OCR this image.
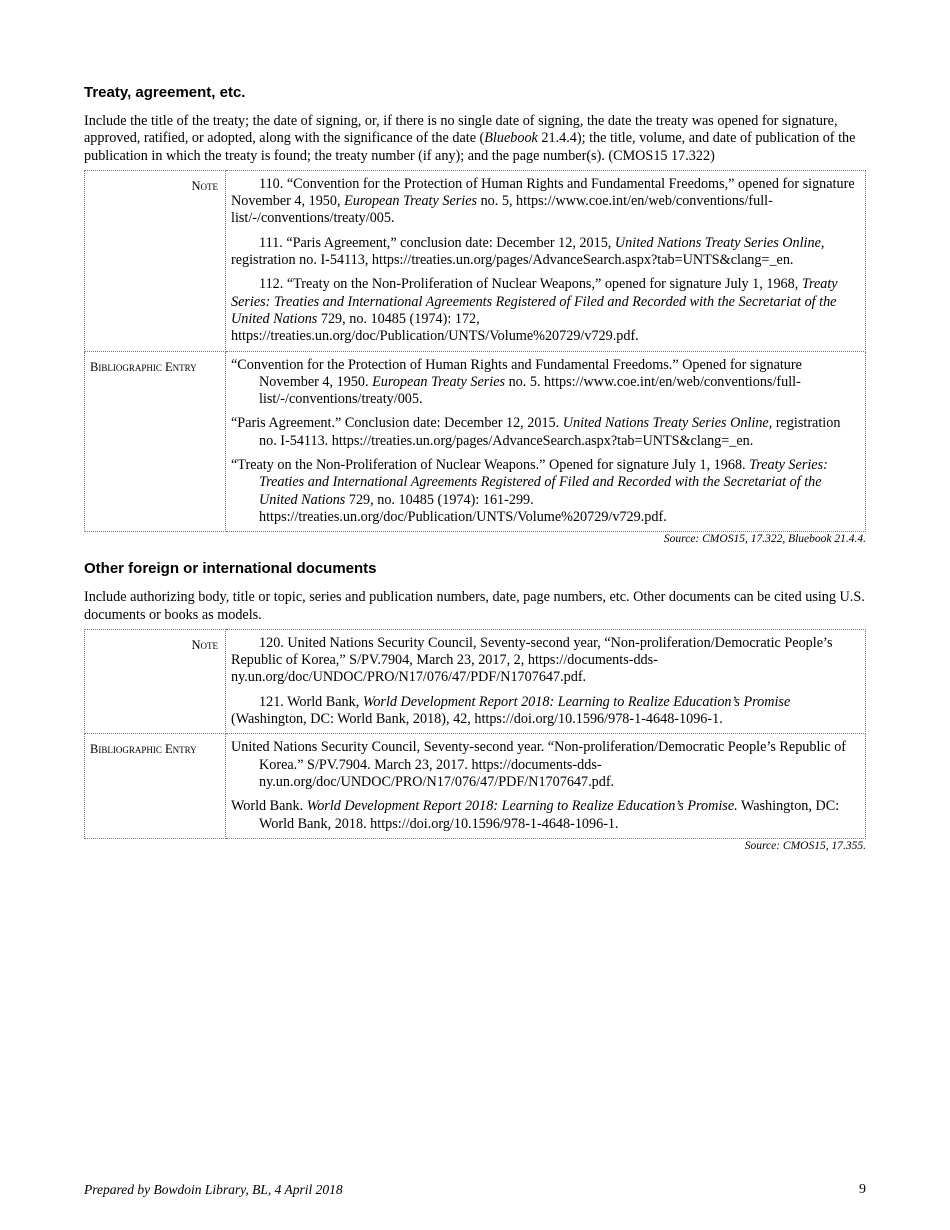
Treaty, agreement, etc.

Include the title of the treaty; the date of signing, or, if there is no single date of signing, the date the treaty was opened for signature, approved, ratified, or adopted, along with the significance of the date (Bluebook 21.4.4); the title, volume, and date of publication of the publication in which the treaty is found; the treaty number (if any); and the page number(s). (CMOS15 17.322)

Note	110. “Convention for the Protection of Human Rights and Fundamental Freedoms,” opened for signature November 4, 1950, European Treaty Series no. 5, https://www.coe.int/en/web/conventions/full-list/-/conventions/treaty/005.

111. “Paris Agreement,” conclusion date: December 12, 2015, United Nations Treaty Series Online, registration no. I-54113, https://treaties.un.org/pages/AdvanceSearch.aspx?tab=UNTS&clang=_en.

112. “Treaty on the Non-Proliferation of Nuclear Weapons,” opened for signature July 1, 1968, Treaty Series: Treaties and International Agreements Registered of Filed and Recorded with the Secretariat of the United Nations 729, no. 10485 (1974): 172, https://treaties.un.org/doc/Publication/UNTS/Volume%20729/v729.pdf.

Bibliographic Entry	“Convention for the Protection of Human Rights and Fundamental Freedoms.” Opened for signature November 4, 1950. European Treaty Series no. 5. https://www.coe.int/en/web/conventions/full-list/-/conventions/treaty/005.

“Paris Agreement.” Conclusion date: December 12, 2015. United Nations Treaty Series Online, registration no. I-54113. https://treaties.un.org/pages/AdvanceSearch.aspx?tab=UNTS&clang=_en.

“Treaty on the Non-Proliferation of Nuclear Weapons.” Opened for signature July 1, 1968. Treaty Series: Treaties and International Agreements Registered of Filed and Recorded with the Secretariat of the United Nations 729, no. 10485 (1974): 161-299. https://treaties.un.org/doc/Publication/UNTS/Volume%20729/v729.pdf.

Source: CMOS15, 17.322, Bluebook 21.4.4.

Other foreign or international documents

Include authorizing body, title or topic, series and publication numbers, date, page numbers, etc. Other documents can be cited using U.S. documents or books as models.

Note	120. United Nations Security Council, Seventy-second year, “Non-proliferation/Democratic People’s Republic of Korea,” S/PV.7904, March 23, 2017, 2, https://documents-dds-ny.un.org/doc/UNDOC/PRO/N17/076/47/PDF/N1707647.pdf.

121. World Bank, World Development Report 2018: Learning to Realize Education’s Promise (Washington, DC: World Bank, 2018), 42, https://doi.org/10.1596/978-1-4648-1096-1.

Bibliographic Entry	United Nations Security Council, Seventy-second year. “Non-proliferation/Democratic People’s Republic of Korea.” S/PV.7904. March 23, 2017. https://documents-dds-ny.un.org/doc/UNDOC/PRO/N17/076/47/PDF/N1707647.pdf.

World Bank. World Development Report 2018: Learning to Realize Education’s Promise. Washington, DC: World Bank, 2018. https://doi.org/10.1596/978-1-4648-1096-1.

Source: CMOS15, 17.355.

Prepared by Bowdoin Library, BL, 4 April 2018	9
